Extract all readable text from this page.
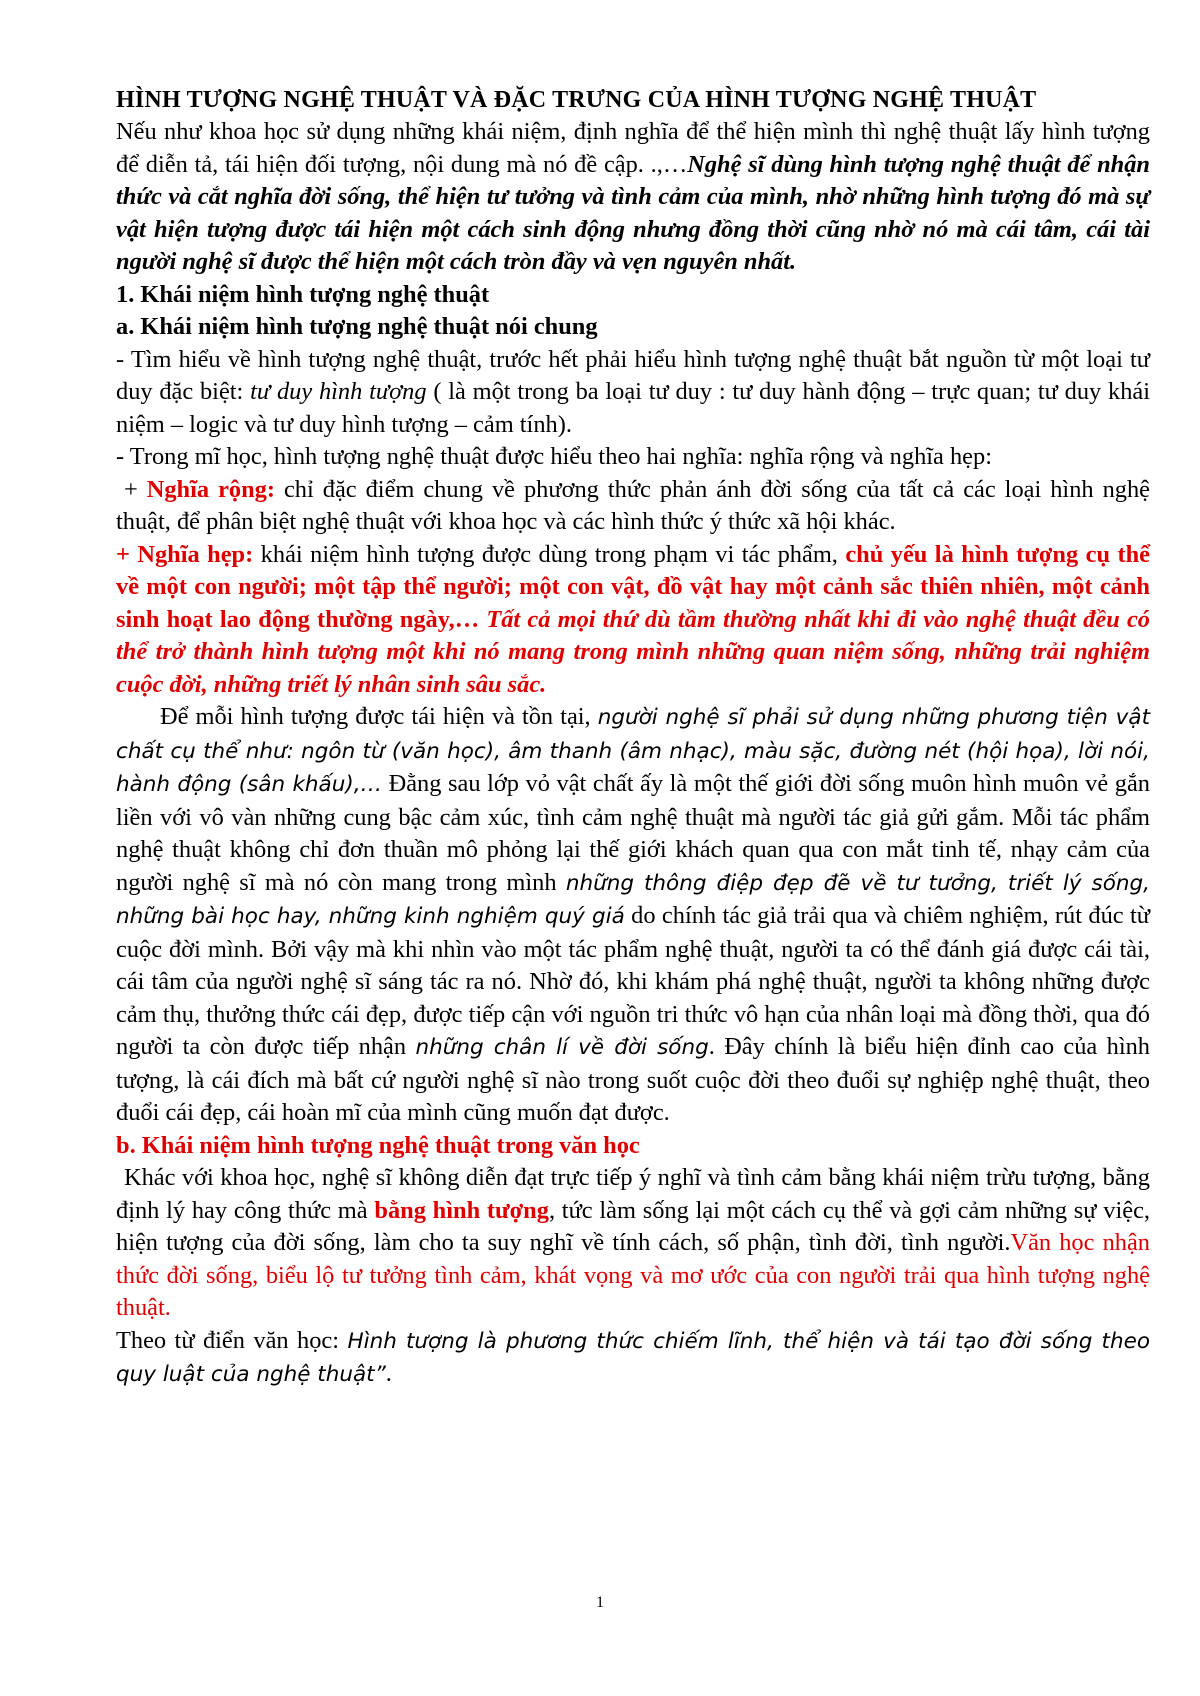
HÌNH TƯỢNG NGHỆ THUẬT VÀ ĐẶC TRƯNG CỦA HÌNH TƯỢNG NGHỆ THUẬT

Nếu như khoa học sử dụng những khái niệm, định nghĩa để thể hiện mình thì nghệ thuật lấy hình tượng để diễn tả, tái hiện đối tượng, nội dung mà nó đề cập. .,…Nghệ sĩ dùng hình tượng nghệ thuật để nhận thức và cắt nghĩa đời sống, thể hiện tư tưởng và tình cảm của mình, nhờ những hình tượng đó mà sự vật hiện tượng được tái hiện một cách sinh động nhưng đồng thời cũng nhờ nó mà cái tâm, cái tài người nghệ sĩ được thể hiện một cách tròn đầy và vẹn nguyên nhất.

1. Khái niệm hình tượng nghệ thuật

a. Khái niệm hình tượng nghệ thuật nói chung

- Tìm hiểu về hình tượng nghệ thuật, trước hết phải hiểu hình tượng nghệ thuật bắt nguồn từ một loại tư duy đặc biệt: tư duy hình tượng ( là một trong ba loại tư duy : tư duy hành động – trực quan; tư duy khái niệm – logic và tư duy hình tượng – cảm tính).

- Trong mĩ học, hình tượng nghệ thuật được hiểu theo hai nghĩa: nghĩa rộng và nghĩa hẹp:

+ Nghĩa rộng: chỉ đặc điểm chung về phương thức phản ánh đời sống của tất cả các loại hình nghệ thuật, để phân biệt nghệ thuật với khoa học và các hình thức ý thức xã hội khác.

+ Nghĩa hẹp: khái niệm hình tượng được dùng trong phạm vi tác phẩm, chủ yếu là hình tượng cụ thể về một con người; một tập thể người; một con vật, đồ vật hay một cảnh sắc thiên nhiên, một cảnh sinh hoạt lao động thường ngày,… Tất cả mọi thứ dù tầm thường nhất khi đi vào nghệ thuật đều có thể trở thành hình tượng một khi nó mang trong mình những quan niệm sống, những trải nghiệm cuộc đời, những triết lý nhân sinh sâu sắc.

Để mỗi hình tượng được tái hiện và tồn tại, người nghệ sĩ phải sử dụng những phương tiện vật chất cụ thể như: ngôn từ (văn học), âm thanh (âm nhạc), màu sặc, đường nét (hội họa), lời nói, hành động (sân khấu),… Đằng sau lớp vỏ vật chất ấy là một thế giới đời sống muôn hình muôn vẻ gắn liền với vô vàn những cung bậc cảm xúc, tình cảm nghệ thuật mà người tác giả gửi gắm. Mỗi tác phẩm nghệ thuật không chỉ đơn thuần mô phỏng lại thế giới khách quan qua con mắt tinh tế, nhạy cảm của người nghệ sĩ mà nó còn mang trong mình những thông điệp đẹp đẽ về tư tưởng, triết lý sống, những bài học hay, những kinh nghiệm quý giá do chính tác giả trải qua và chiêm nghiệm, rút đúc từ cuộc đời mình. Bởi vậy mà khi nhìn vào một tác phẩm nghệ thuật, người ta có thể đánh giá được cái tài, cái tâm của người nghệ sĩ sáng tác ra nó. Nhờ đó, khi khám phá nghệ thuật, người ta không những được cảm thụ, thưởng thức cái đẹp, được tiếp cận với nguồn tri thức vô hạn của nhân loại mà đồng thời, qua đó người ta còn được tiếp nhận những chân lí về đời sống. Đây chính là biểu hiện đỉnh cao của hình tượng, là cái đích mà bất cứ người nghệ sĩ nào trong suốt cuộc đời theo đuổi sự nghiệp nghệ thuật, theo đuổi cái đẹp, cái hoàn mĩ của mình cũng muốn đạt được.

b. Khái niệm hình tượng nghệ thuật trong văn học

Khác với khoa học, nghệ sĩ không diễn đạt trực tiếp ý nghĩ và tình cảm bằng khái niệm trừu tượng, bằng định lý hay công thức mà bằng hình tượng, tức làm sống lại một cách cụ thể và gợi cảm những sự việc, hiện tượng của đời sống, làm cho ta suy nghĩ về tính cách, số phận, tình đời, tình người.Văn học nhận thức đời sống, biểu lộ tư tưởng tình cảm, khát vọng và mơ ước của con người trải qua hình tượng nghệ thuật.

Theo từ điển văn học: Hình tượng là phương thức chiếm lĩnh, thể hiện và tái tạo đời sống theo quy luật của nghệ thuật”.

1
